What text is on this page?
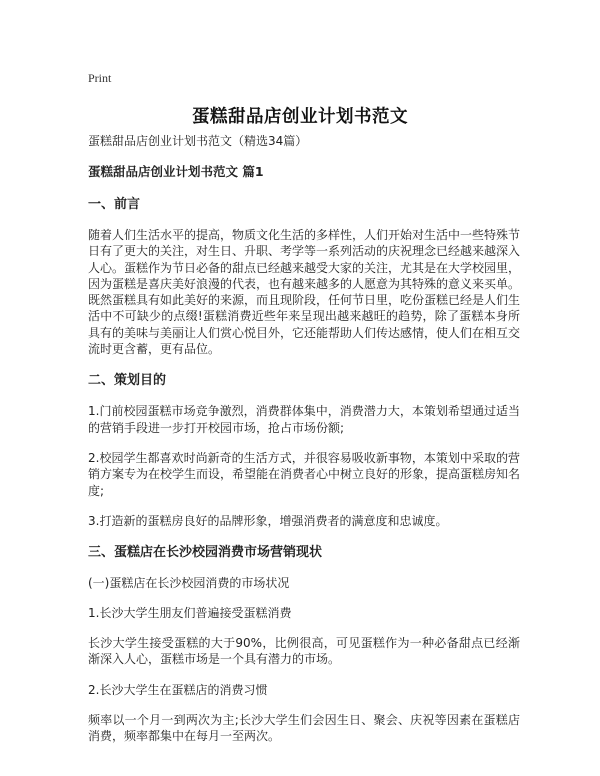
Print
蛋糕甜品店创业计划书范文

蛋糕甜品店创业计划书范文（精选34篇）

蛋糕甜品店创业计划书范文 篇1
一、前言

随着人们生活水平的提高，物质文化生活的多样性，人们开始对生活中一些特殊节日有了更大的关注，对生日、升职、考学等一系列活动的庆祝理念已经越来越深入人心。蛋糕作为节日必备的甜点已经越来越受大家的关注，尤其是在大学校园里，因为蛋糕是喜庆美好浪漫的代表，也有越来越多的人愿意为其特殊的意义来买单。既然蛋糕具有如此美好的来源，而且现阶段，任何节日里，吃份蛋糕已经是人们生活中不可缺少的点缀!蛋糕消费近些年来呈现出越来越旺的趋势，除了蛋糕本身所具有的美味与美丽让人们赏心悦目外，它还能帮助人们传达感情，使人们在相互交流时更含蓄，更有品位。

二、策划目的

1.门前校园蛋糕市场竞争激烈，消费群体集中，消费潜力大，本策划希望通过适当的营销手段进一步打开校园市场，抢占市场份额;

2.校园学生都喜欢时尚新奇的生活方式，并很容易吸收新事物，本策划中采取的营销方案专为在校学生而设，希望能在消费者心中树立良好的形象，提高蛋糕房知名度;

3.打造新的蛋糕房良好的品牌形象，增强消费者的满意度和忠诚度。

三、蛋糕店在长沙校园消费市场营销现状

(一)蛋糕店在长沙校园消费的市场状况

1.长沙大学生朋友们普遍接受蛋糕消费

长沙大学生接受蛋糕的大于90%，比例很高，可见蛋糕作为一种必备甜点已经渐渐深入人心，蛋糕市场是一个具有潜力的市场。

2.长沙大学生在蛋糕店的消费习惯

频率以一个月一到两次为主;长沙大学生们会因生日、聚会、庆祝等因素在蛋糕店消费，频率都集中在每月一至两次。
